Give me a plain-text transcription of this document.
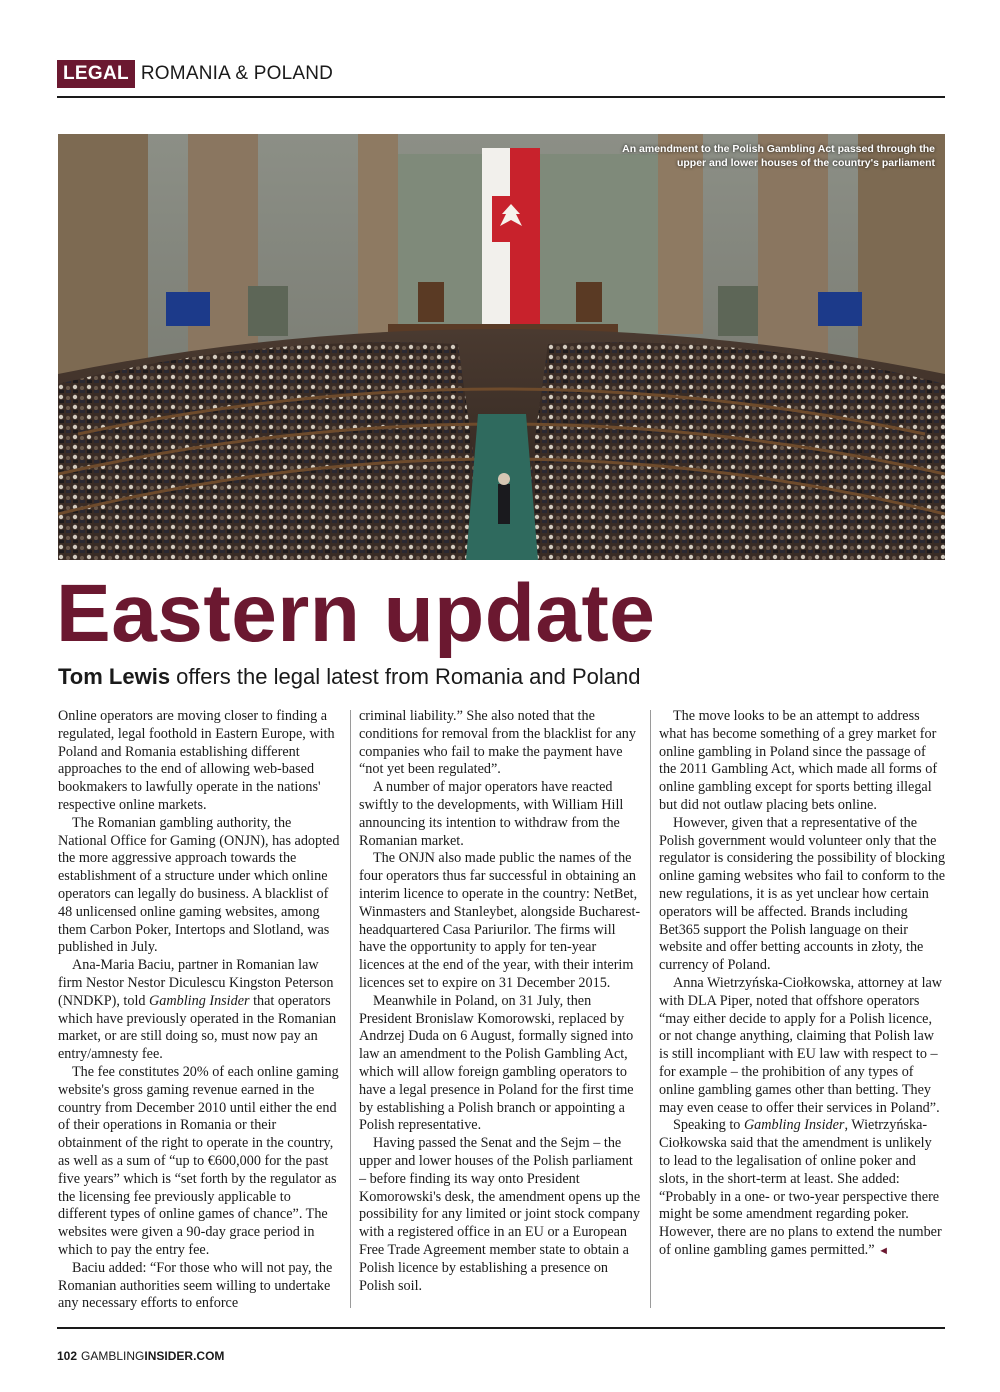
LEGAL ROMANIA & POLAND
An amendment to the Polish Gambling Act passed through the upper and lower houses of the country's parliament
Eastern update
Tom Lewis offers the legal latest from Romania and Poland

Online operators are moving closer to finding a regulated, legal foothold in Eastern Europe, with Poland and Romania establishing different approaches to the end of allowing web-based bookmakers to lawfully operate in the nations' respective online markets.

The Romanian gambling authority, the National Office for Gaming (ONJN), has adopted the more aggressive approach towards the establishment of a structure under which online operators can legally do business. A blacklist of 48 unlicensed online gaming websites, among them Carbon Poker, Intertops and Slotland, was published in July.

Ana-Maria Baciu, partner in Romanian law firm Nestor Nestor Diculescu Kingston Peterson (NNDKP), told Gambling Insider that operators which have previously operated in the Romanian market, or are still doing so, must now pay an entry/amnesty fee.

The fee constitutes 20% of each online gaming website's gross gaming revenue earned in the country from December 2010 until either the end of their operations in Romania or their obtainment of the right to operate in the country, as well as a sum of “up to €600,000 for the past five years” which is “set forth by the regulator as the licensing fee previously applicable to different types of online games of chance”. The websites were given a 90-day grace period in which to pay the entry fee.

Baciu added: “For those who will not pay, the Romanian authorities seem willing to undertake any necessary efforts to enforce

criminal liability.” She also noted that the conditions for removal from the blacklist for any companies who fail to make the payment have “not yet been regulated”.

A number of major operators have reacted swiftly to the developments, with William Hill announcing its intention to withdraw from the Romanian market.

The ONJN also made public the names of the four operators thus far successful in obtaining an interim licence to operate in the country: NetBet, Winmasters and Stanleybet, alongside Bucharest-headquartered Casa Pariurilor. The firms will have the opportunity to apply for ten-year licences at the end of the year, with their interim licences set to expire on 31 December 2015.

Meanwhile in Poland, on 31 July, then President Bronislaw Komorowski, replaced by Andrzej Duda on 6 August, formally signed into law an amendment to the Polish Gambling Act, which will allow foreign gambling operators to have a legal presence in Poland for the first time by establishing a Polish branch or appointing a Polish representative.

Having passed the Senat and the Sejm – the upper and lower houses of the Polish parliament – before finding its way onto President Komorowski's desk, the amendment opens up the possibility for any limited or joint stock company with a registered office in an EU or a European Free Trade Agreement member state to obtain a Polish licence by establishing a presence on Polish soil.

The move looks to be an attempt to address what has become something of a grey market for online gambling in Poland since the passage of the 2011 Gambling Act, which made all forms of online gambling except for sports betting illegal but did not outlaw placing bets online.

However, given that a representative of the Polish government would volunteer only that the regulator is considering the possibility of blocking online gaming websites who fail to conform to the new regulations, it is as yet unclear how certain operators will be affected. Brands including Bet365 support the Polish language on their website and offer betting accounts in złoty, the currency of Poland.

Anna Wietrzyńska-Ciołkowska, attorney at law with DLA Piper, noted that offshore operators “may either decide to apply for a Polish licence, or not change anything, claiming that Polish law is still incompliant with EU law with respect to – for example – the prohibition of any types of online gambling games other than betting. They may even cease to offer their services in Poland”.

Speaking to Gambling Insider, Wietrzyńska-Ciołkowska said that the amendment is unlikely to lead to the legalisation of online poker and slots, in the short-term at least. She added: “Probably in a one- or two-year perspective there might be some amendment regarding poker. However, there are no plans to extend the number of online gambling games permitted.” ◄

102 GAMBLINGINSIDER.COM
